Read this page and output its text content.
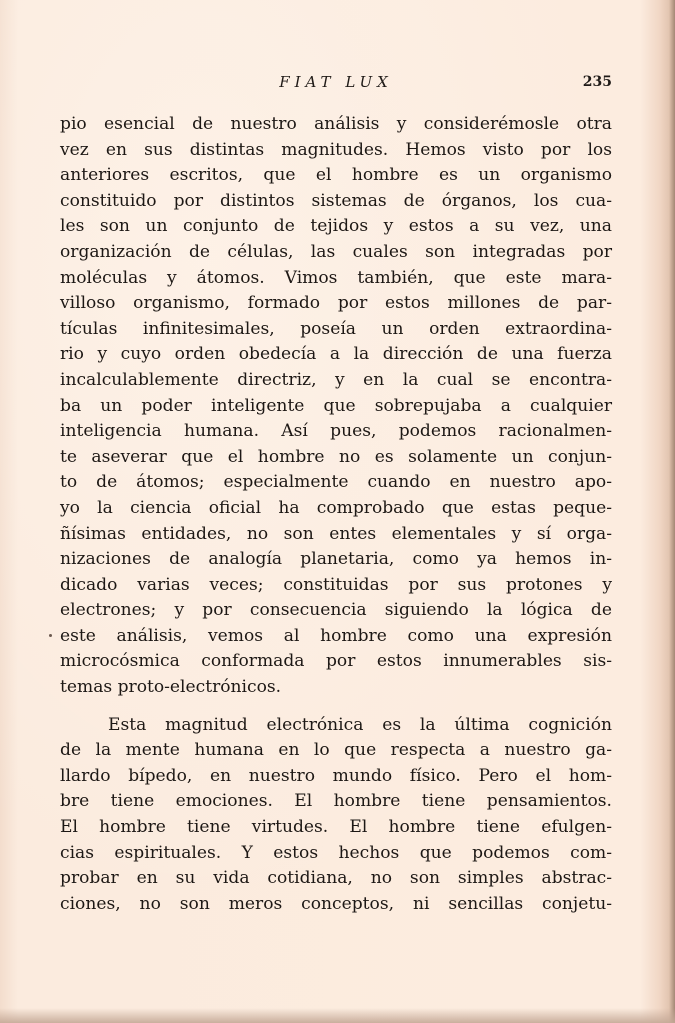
FIAT LUX	235
pio esencial de nuestro análisis y considerémosle otra
vez en sus distintas magnitudes. Hemos visto por los
anteriores escritos, que el hombre es un organismo
constituido por distintos sistemas de órganos, los cua-
les son un conjunto de tejidos y estos a su vez, una
organización de células, las cuales son integradas por
moléculas y átomos. Vimos también, que este mara-
villoso organismo, formado por estos millones de par-
tículas infinitesimales, poseía un orden extraordina-
rio y cuyo orden obedecía a la dirección de una fuerza
incalculablemente directriz, y en la cual se encontra-
ba un poder inteligente que sobrepujaba a cualquier
inteligencia humana. Así pues, podemos racionalmen-
te aseverar que el hombre no es solamente un conjun-
to de átomos; especialmente cuando en nuestro apo-
yo la ciencia oficial ha comprobado que estas peque-
ñísimas entidades, no son entes elementales y sí orga-
nizaciones de analogía planetaria, como ya hemos in-
dicado varias veces; constituidas por sus protones y
electrones; y por consecuencia siguiendo la lógica de
este análisis, vemos al hombre como una expresión
microcósmica conformada por estos innumerables sis-
temas proto-electrónicos.
Esta magnitud electrónica es la última cognición
de la mente humana en lo que respecta a nuestro ga-
llardo bípedo, en nuestro mundo físico. Pero el hom-
bre tiene emociones. El hombre tiene pensamientos.
El hombre tiene virtudes. El hombre tiene efulgen-
cias espirituales. Y estos hechos que podemos com-
probar en su vida cotidiana, no son simples abstrac-
ciones, no son meros conceptos, ni sencillas conjetu-
